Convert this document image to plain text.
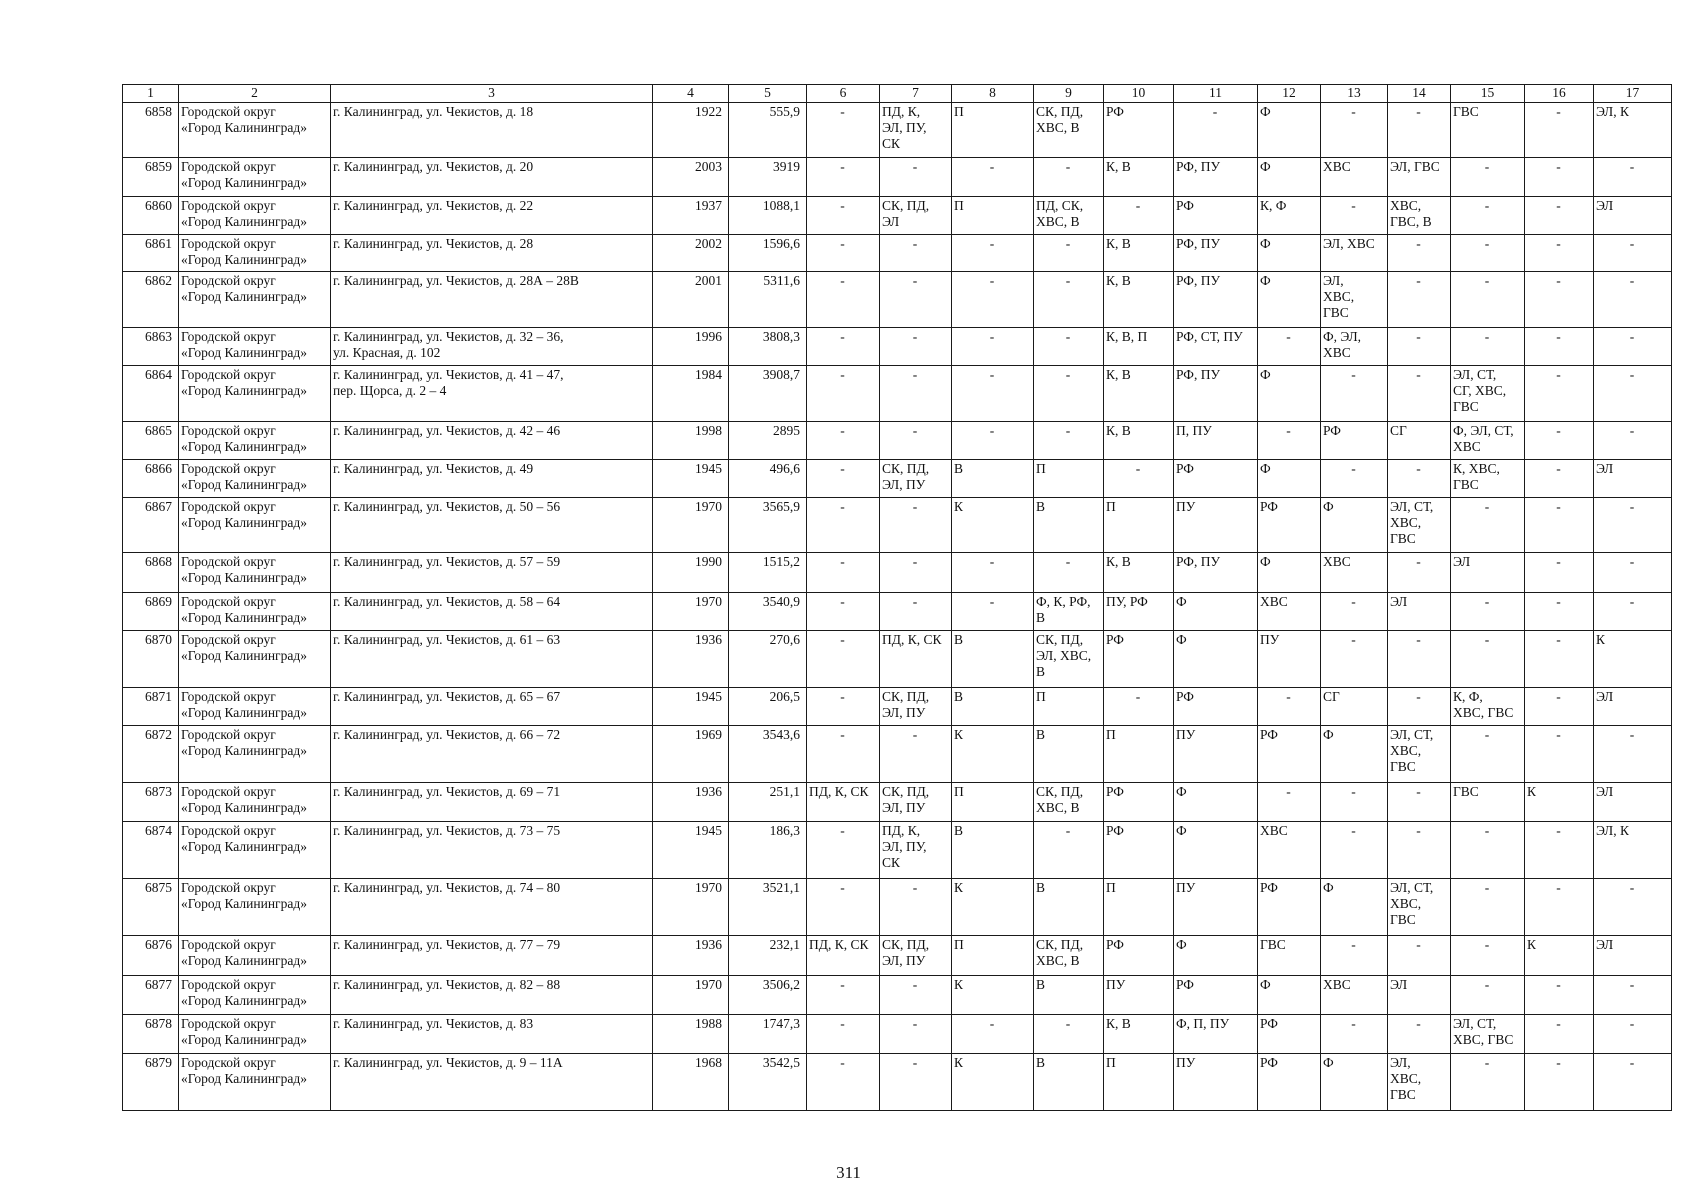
1	2	3	4	5	6	7	8	9	10	11	12	13	14	15	16	17
6858	Городской округ
«Город Калининград»	г. Калининград, ул. Чекистов, д. 18	1922	555,9	-	ПД, К,
ЭЛ, ПУ,
СК	П	СК, ПД,
ХВС, В	РФ	-	Ф	-	-	ГВС	-	ЭЛ, К
6859	Городской округ
«Город Калининград»	г. Калининград, ул. Чекистов, д. 20	2003	3919	-	-	-	-	К, В	РФ, ПУ	Ф	ХВС	ЭЛ, ГВС	-	-	-
6860	Городской округ
«Город Калининград»	г. Калининград, ул. Чекистов, д. 22	1937	1088,1	-	СК, ПД,
ЭЛ	П	ПД, СК,
ХВС, В	-	РФ	К, Ф	-	ХВС,
ГВС, В	-	-	ЭЛ
6861	Городской округ
«Город Калининград»	г. Калининград, ул. Чекистов, д. 28	2002	1596,6	-	-	-	-	К, В	РФ, ПУ	Ф	ЭЛ, ХВС	-	-	-	-
6862	Городской округ
«Город Калининград»	г. Калининград, ул. Чекистов, д. 28А – 28В	2001	5311,6	-	-	-	-	К, В	РФ, ПУ	Ф	ЭЛ,
ХВС,
ГВС	-	-	-	-
6863	Городской округ
«Город Калининград»	г. Калининград, ул. Чекистов, д. 32 – 36,
ул. Красная, д. 102	1996	3808,3	-	-	-	-	К, В, П	РФ, СТ, ПУ	-	Ф, ЭЛ,
ХВС	-	-	-	-
6864	Городской округ
«Город Калининград»	г. Калининград, ул. Чекистов, д. 41 – 47,
пер. Щорса, д. 2 – 4	1984	3908,7	-	-	-	-	К, В	РФ, ПУ	Ф	-	-	ЭЛ, СТ,
СГ, ХВС,
ГВС	-	-
6865	Городской округ
«Город Калининград»	г. Калининград, ул. Чекистов, д. 42 – 46	1998	2895	-	-	-	-	К, В	П, ПУ	-	РФ	СГ	Ф, ЭЛ, СТ,
ХВС	-	-
6866	Городской округ
«Город Калининград»	г. Калининград, ул. Чекистов, д. 49	1945	496,6	-	СК, ПД,
ЭЛ, ПУ	В	П	-	РФ	Ф	-	-	К, ХВС,
ГВС	-	ЭЛ
6867	Городской округ
«Город Калининград»	г. Калининград, ул. Чекистов, д. 50 – 56	1970	3565,9	-	-	К	В	П	ПУ	РФ	Ф	ЭЛ, СТ,
ХВС,
ГВС	-	-	-
6868	Городской округ
«Город Калининград»	г. Калининград, ул. Чекистов, д. 57 – 59	1990	1515,2	-	-	-	-	К, В	РФ, ПУ	Ф	ХВС	-	ЭЛ	-	-
6869	Городской округ
«Город Калининград»	г. Калининград, ул. Чекистов, д. 58 – 64	1970	3540,9	-	-	-	Ф, К, РФ,
В	ПУ, РФ	Ф	ХВС	-	ЭЛ	-	-	-
6870	Городской округ
«Город Калининград»	г. Калининград, ул. Чекистов, д. 61 – 63	1936	270,6	-	ПД, К, СК	В	СК, ПД,
ЭЛ, ХВС,
В	РФ	Ф	ПУ	-	-	-	-	К
6871	Городской округ
«Город Калининград»	г. Калининград, ул. Чекистов, д. 65 – 67	1945	206,5	-	СК, ПД,
ЭЛ, ПУ	В	П	-	РФ	-	СГ	-	К, Ф,
ХВС, ГВС	-	ЭЛ
6872	Городской округ
«Город Калининград»	г. Калининград, ул. Чекистов, д. 66 – 72	1969	3543,6	-	-	К	В	П	ПУ	РФ	Ф	ЭЛ, СТ,
ХВС,
ГВС	-	-	-
6873	Городской округ
«Город Калининград»	г. Калининград, ул. Чекистов, д. 69 – 71	1936	251,1	ПД, К, СК	СК, ПД,
ЭЛ, ПУ	П	СК, ПД,
ХВС, В	РФ	Ф	-	-	-	ГВС	К	ЭЛ
6874	Городской округ
«Город Калининград»	г. Калининград, ул. Чекистов, д. 73 – 75	1945	186,3	-	ПД, К,
ЭЛ, ПУ,
СК	В	-	РФ	Ф	ХВС	-	-	-	-	ЭЛ, К
6875	Городской округ
«Город Калининград»	г. Калининград, ул. Чекистов, д. 74 – 80	1970	3521,1	-	-	К	В	П	ПУ	РФ	Ф	ЭЛ, СТ,
ХВС,
ГВС	-	-	-
6876	Городской округ
«Город Калининград»	г. Калининград, ул. Чекистов, д. 77 – 79	1936	232,1	ПД, К, СК	СК, ПД,
ЭЛ, ПУ	П	СК, ПД,
ХВС, В	РФ	Ф	ГВС	-	-	-	К	ЭЛ
6877	Городской округ
«Город Калининград»	г. Калининград, ул. Чекистов, д. 82 – 88	1970	3506,2	-	-	К	В	ПУ	РФ	Ф	ХВС	ЭЛ	-	-	-
6878	Городской округ
«Город Калининград»	г. Калининград, ул. Чекистов, д. 83	1988	1747,3	-	-	-	-	К, В	Ф, П, ПУ	РФ	-	-	ЭЛ, СТ,
ХВС, ГВС	-	-
6879	Городской округ
«Город Калининград»	г. Калининград, ул. Чекистов, д. 9 – 11А	1968	3542,5	-	-	К	В	П	ПУ	РФ	Ф	ЭЛ,
ХВС,
ГВС	-	-	-
311
